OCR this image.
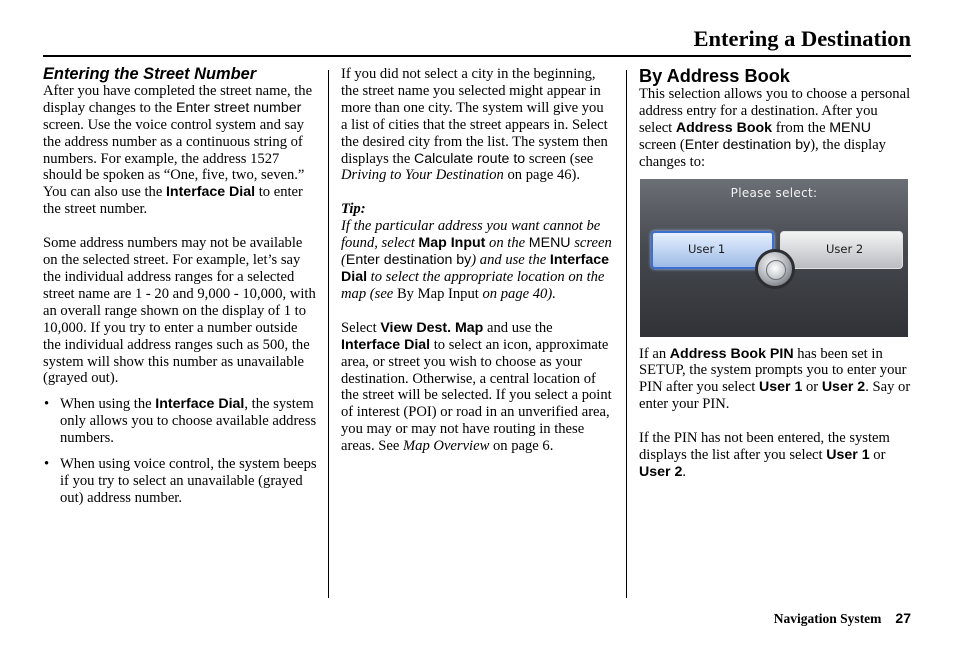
Entering a Destination

Entering the Street Number

After you have completed the street name, the display changes to the Enter street number screen. Use the voice control system and say the address number as a continuous string of numbers. For example, the address 1527 should be spoken as “One, five, two, seven.” You can also use the Interface Dial to enter the street number.

Some address numbers may not be available on the selected street. For example, let’s say the individual address ranges for a selected street name are 1 - 20 and 9,000 - 10,000, with an overall range shown on the display of 1 to 10,000. If you try to enter a number outside the individual address ranges such as 500, the system will show this number as unavailable (grayed out).

• When using the Interface Dial, the system only allows you to choose available address numbers.

• When using voice control, the system beeps if you try to select an unavailable (grayed out) address number.

If you did not select a city in the beginning, the street name you selected might appear in more than one city. The system will give you a list of cities that the street appears in. Select the desired city from the list. The system then displays the Calculate route to screen (see Driving to Your Destination on page 46).

Tip:

If the particular address you want cannot be found, select Map Input on the MENU screen (Enter destination by) and use the Interface Dial to select the appropriate location on the map (see By Map Input on page 40).

Select View Dest. Map and use the Interface Dial to select an icon, approximate area, or street you wish to choose as your destination. Otherwise, a central location of the street will be selected. If you select a point of interest (POI) or road in an unverified area, you may or may not have routing in these areas. See Map Overview on page 6.

By Address Book

This selection allows you to choose a personal address entry for a destination. After you select Address Book from the MENU screen (Enter destination by), the display changes to:

Please select:
User 1	User 2

If an Address Book PIN has been set in SETUP, the system prompts you to enter your PIN after you select User 1 or User 2. Say or enter your PIN.

If the PIN has not been entered, the system displays the list after you select User 1 or User 2.

Navigation System 27
